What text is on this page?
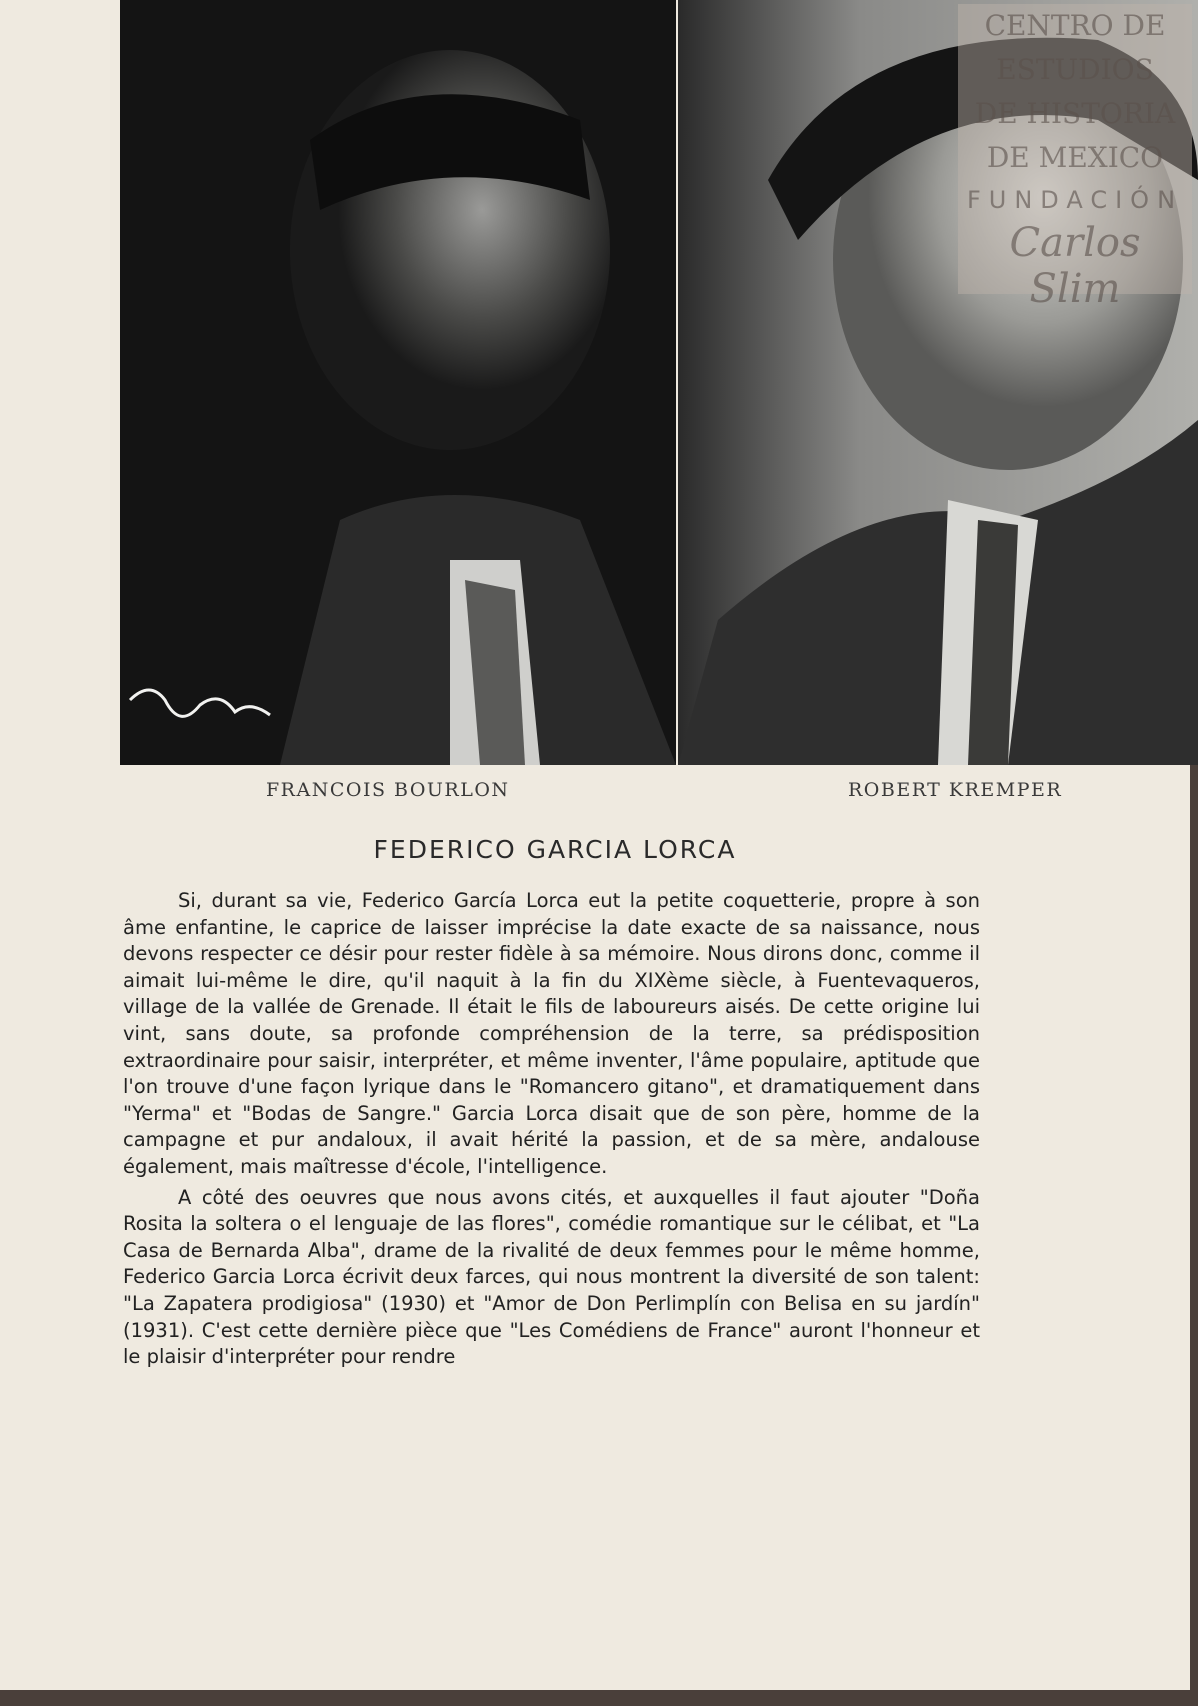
CENTRO DE
ESTUDIOS
DE HISTORIA
DE MEXICO
FUNDACIÓN
Carlos Slim
FRANCOIS BOURLON	ROBERT KREMPER
FEDERICO GARCIA LORCA

Si, durant sa vie, Federico García Lorca eut la petite coquetterie, propre à son âme enfantine, le caprice de laisser imprécise la date exacte de sa naissance, nous devons respecter ce désir pour rester fidèle à sa mémoire. Nous dirons donc, comme il aimait lui-même le dire, qu'il naquit à la fin du XIXème siècle, à Fuentevaqueros, village de la vallée de Grenade. Il était le fils de laboureurs aisés. De cette origine lui vint, sans doute, sa profonde compréhension de la terre, sa prédisposition extraordinaire pour saisir, interpréter, et même inventer, l'âme populaire, aptitude que l'on trouve d'une façon lyrique dans le "Romancero gitano", et dramatiquement dans "Yerma" et "Bodas de Sangre." Garcia Lorca disait que de son père, homme de la campagne et pur andaloux, il avait hérité la passion, et de sa mère, andalouse également, mais maîtresse d'école, l'intelligence.

A côté des oeuvres que nous avons cités, et auxquelles il faut ajouter "Doña Rosita la soltera o el lenguaje de las flores", comédie romantique sur le célibat, et "La Casa de Bernarda Alba", drame de la rivalité de deux femmes pour le même homme, Federico Garcia Lorca écrivit deux farces, qui nous montrent la diversité de son talent: "La Zapatera prodigiosa" (1930) et "Amor de Don Perlimplín con Belisa en su jardín" (1931). C'est cette dernière pièce que "Les Comédiens de France" auront l'honneur et le plaisir d'interpréter pour rendre
